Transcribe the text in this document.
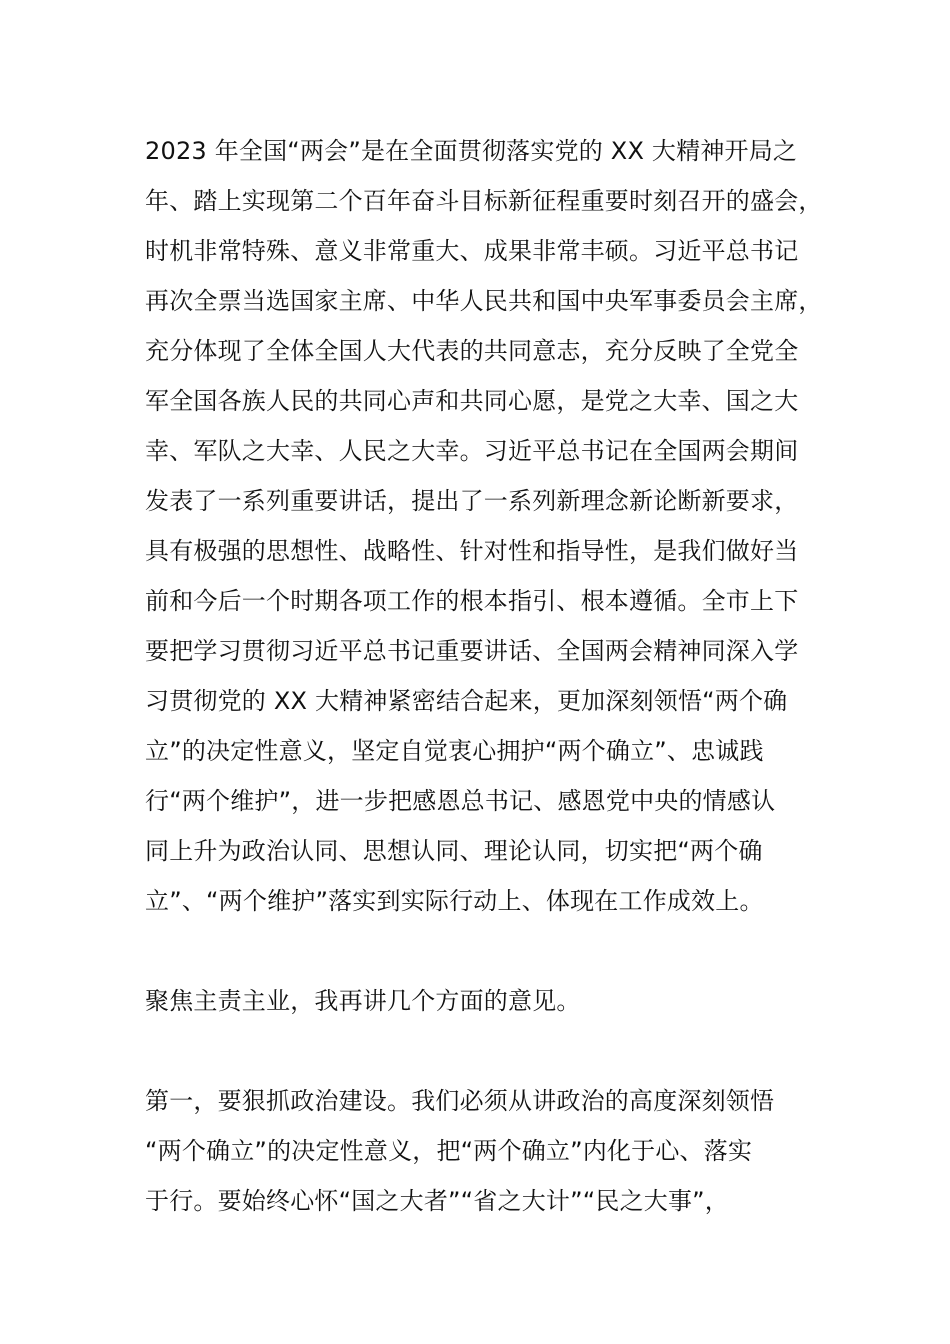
2023 年全国“两会”是在全面贯彻落实党的 XX 大精神开局之
年、踏上实现第二个百年奋斗目标新征程重要时刻召开的盛会，
时机非常特殊、意义非常重大、成果非常丰硕。习近平总书记
再次全票当选国家主席、中华人民共和国中央军事委员会主席，
充分体现了全体全国人大代表的共同意志，充分反映了全党全
军全国各族人民的共同心声和共同心愿，是党之大幸、国之大
幸、军队之大幸、人民之大幸。习近平总书记在全国两会期间
发表了一系列重要讲话，提出了一系列新理念新论断新要求，
具有极强的思想性、战略性、针对性和指导性，是我们做好当
前和今后一个时期各项工作的根本指引、根本遵循。全市上下
要把学习贯彻习近平总书记重要讲话、全国两会精神同深入学
习贯彻党的 XX 大精神紧密结合起来，更加深刻领悟“两个确
立”的决定性意义，坚定自觉衷心拥护“两个确立”、忠诚践
行“两个维护”，进一步把感恩总书记、感恩党中央的情感认
同上升为政治认同、思想认同、理论认同，切实把“两个确
立”、“两个维护”落实到实际行动上、体现在工作成效上。
聚焦主责主业，我再讲几个方面的意见。
第一，要狠抓政治建设。我们必须从讲政治的高度深刻领悟
“两个确立”的决定性意义，把“两个确立”内化于心、落实
于行。要始终心怀“国之大者”“省之大计”“民之大事”，
